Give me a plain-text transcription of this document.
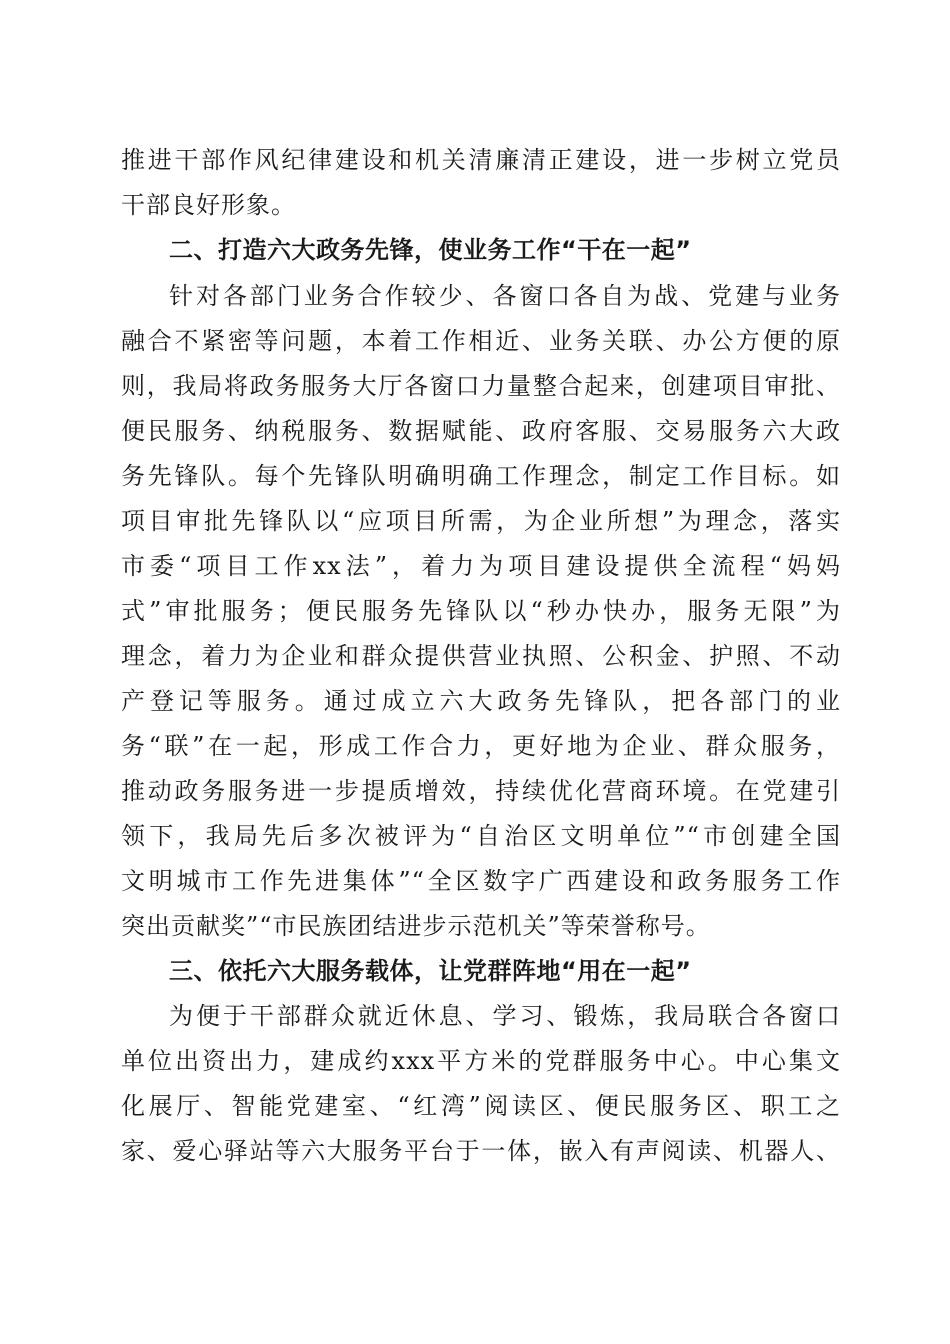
推进干部作风纪律建设和机关清廉清正建设，进一步树立党员
干部良好形象。
二、打造六大政务先锋，使业务工作“干在一起”
针对各部门业务合作较少、各窗口各自为战、党建与业务
融合不紧密等问题，本着工作相近、业务关联、办公方便的原
则，我局将政务服务大厅各窗口力量整合起来，创建项目审批、
便民服务、纳税服务、数据赋能、政府客服、交易服务六大政
务先锋队。每个先锋队明确明确工作理念，制定工作目标。如
项目审批先锋队以“应项目所需，为企业所想”为理念，落实
市委“项目工作xx法”，着力为项目建设提供全流程“妈妈
式”审批服务；便民服务先锋队以“秒办快办，服务无限”为
理念，着力为企业和群众提供营业执照、公积金、护照、不动
产登记等服务。通过成立六大政务先锋队，把各部门的业
务“联”在一起，形成工作合力，更好地为企业、群众服务，
推动政务服务进一步提质增效，持续优化营商环境。在党建引
领下，我局先后多次被评为“自治区文明单位”“市创建全国
文明城市工作先进集体”“全区数字广西建设和政务服务工作
突出贡献奖”“市民族团结进步示范机关”等荣誉称号。
三、依托六大服务载体，让党群阵地“用在一起”
为便于干部群众就近休息、学习、锻炼，我局联合各窗口
单位出资出力，建成约xxx平方米的党群服务中心。中心集文
化展厅、智能党建室、“红湾”阅读区、便民服务区、职工之
家、爱心驿站等六大服务平台于一体，嵌入有声阅读、机器人、
